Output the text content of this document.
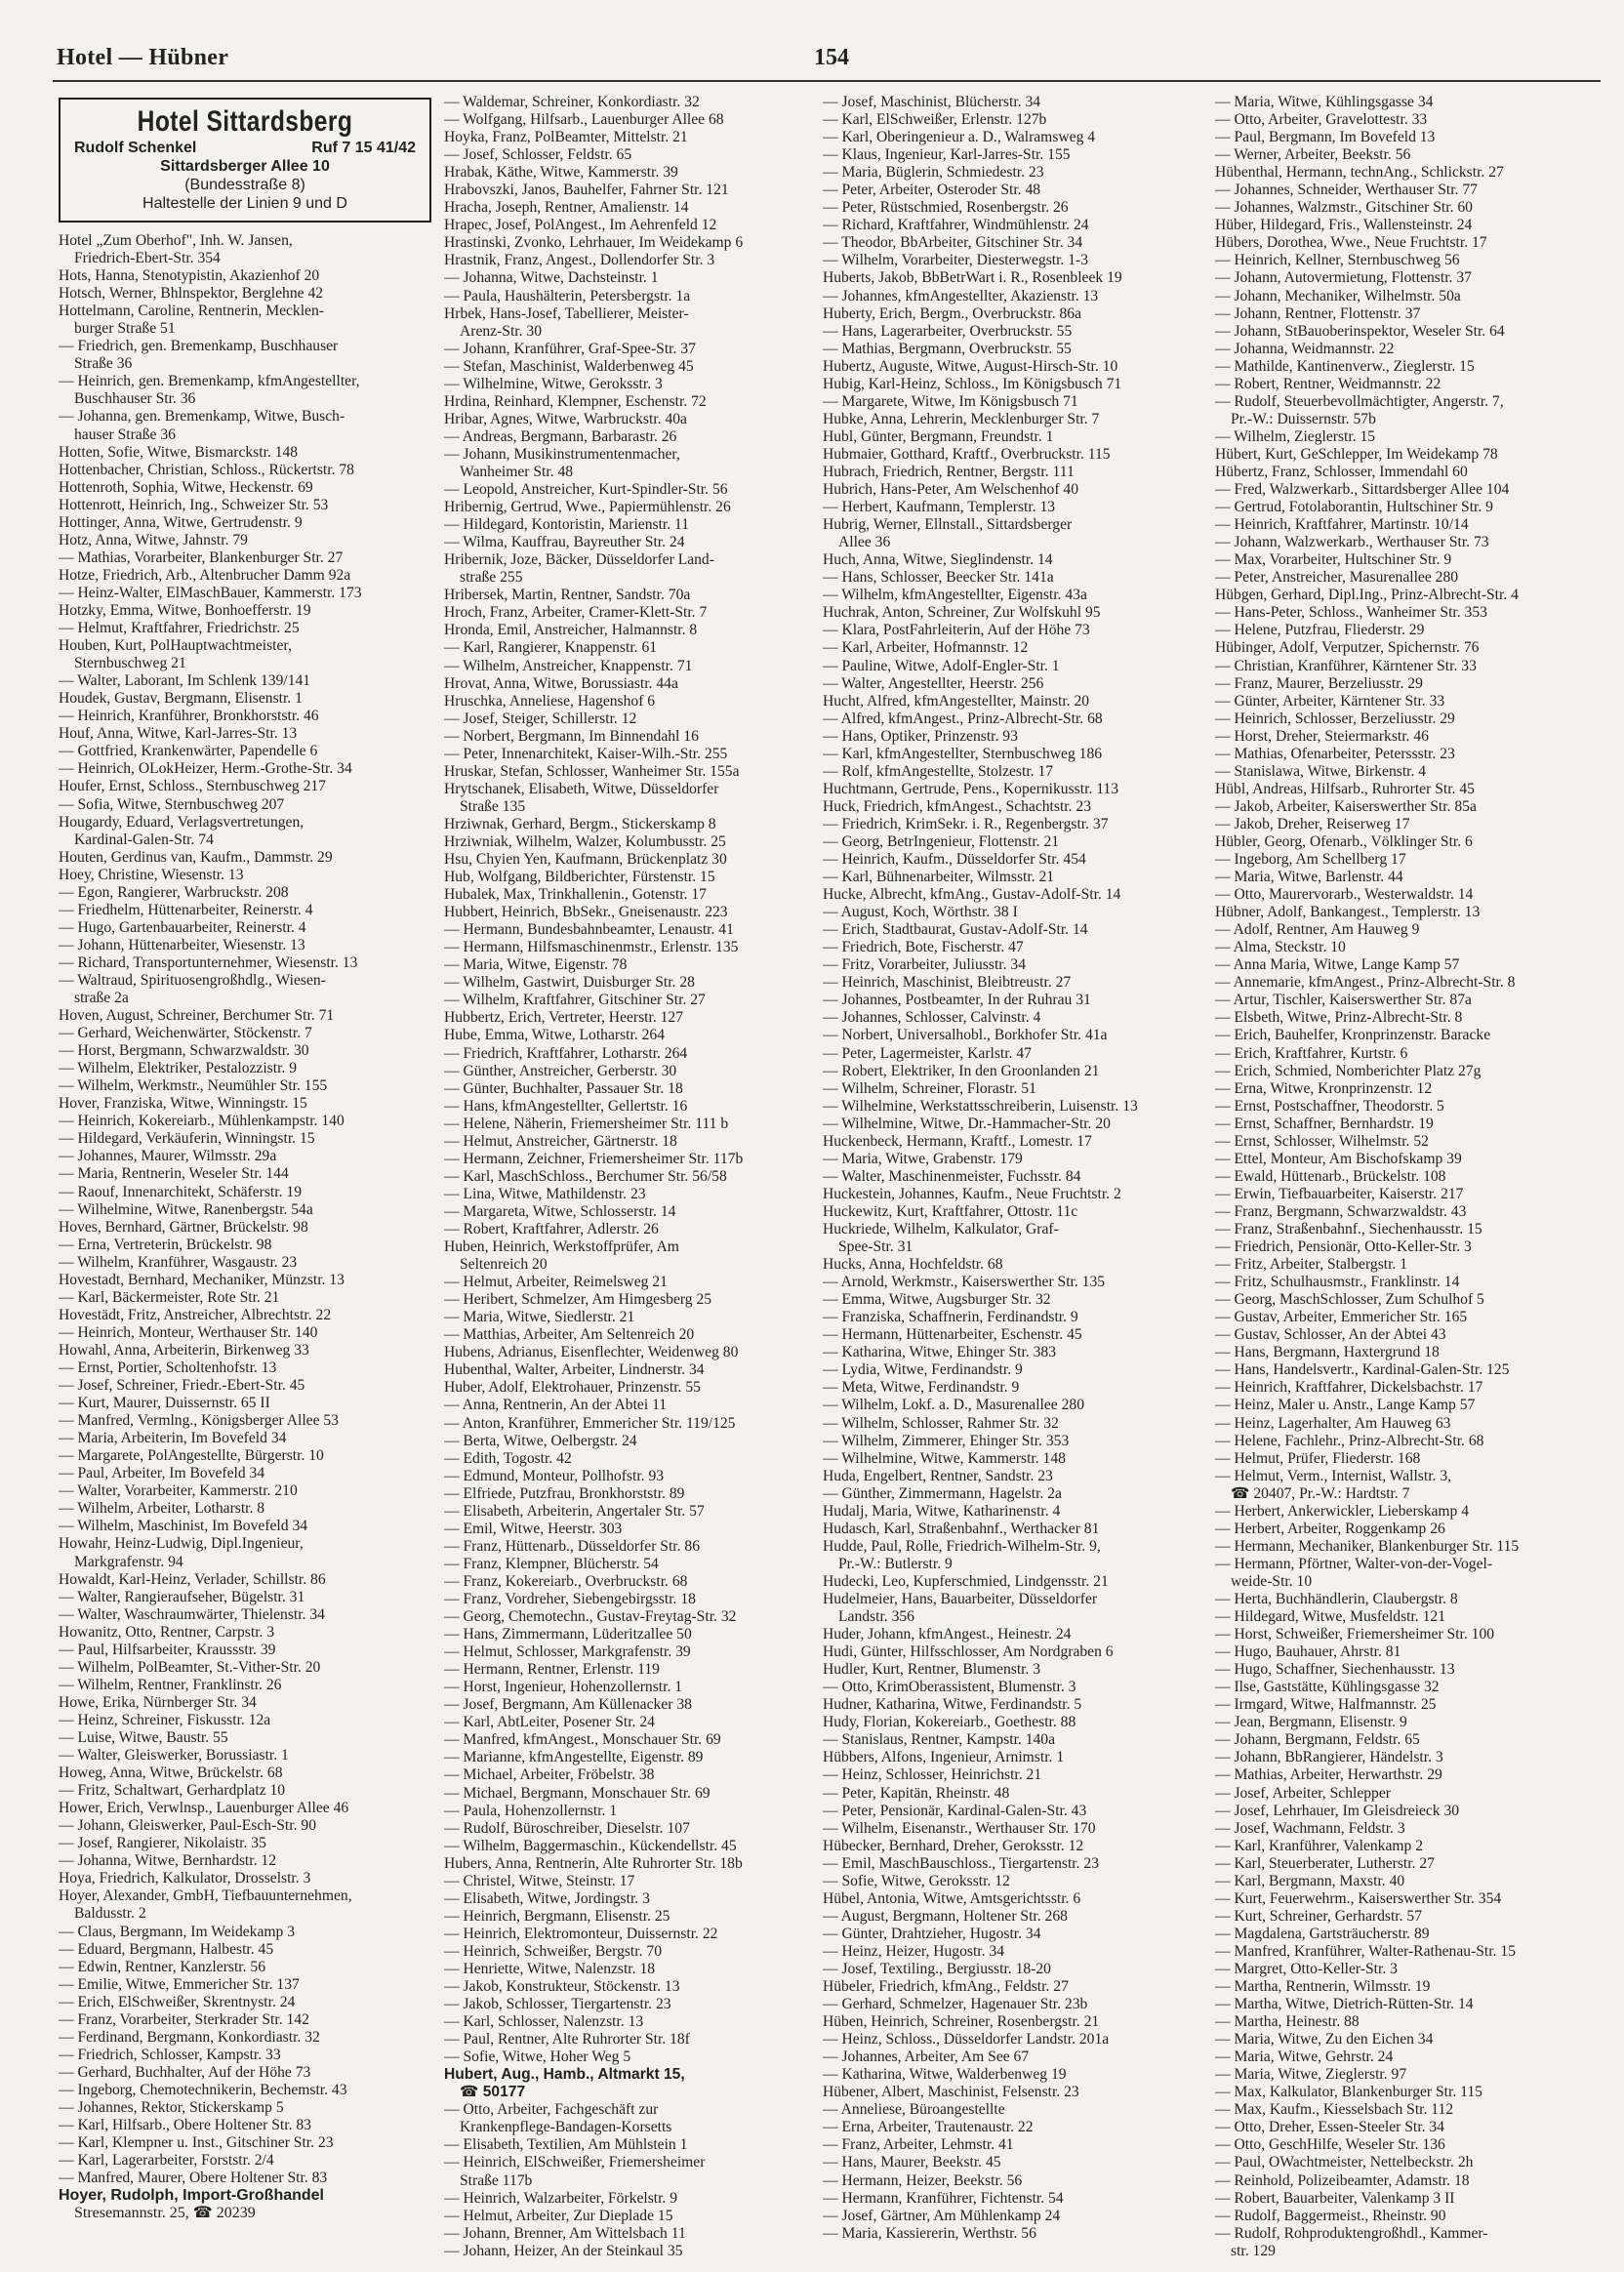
Hotel — Hübner	154
Hotel Sittardsberg
Rudolf Schenkel	Ruf 7 15 41/42
Sittardsberger Allee 10
(Bundesstraße 8)
Haltestelle der Linien 9 und D
Hotel „Zum Oberhof", Inh. W. Jansen,
Friedrich-Ebert-Str. 354
Hots, Hanna, Stenotypistin, Akazienhof 20
Hotsch, Werner, Bhlnspektor, Berglehne 42
Hottelmann, Caroline, Rentnerin, Mecklen-
burger Straße 51
— Friedrich, gen. Bremenkamp, Buschhauser
Straße 36
— Heinrich, gen. Bremenkamp, kfmAngestellter,
Buschhauser Str. 36
— Johanna, gen. Bremenkamp, Witwe, Busch-
hauser Straße 36
Hotten, Sofie, Witwe, Bismarckstr. 148
Hottenbacher, Christian, Schloss., Rückertstr. 78
Hottenroth, Sophia, Witwe, Heckenstr. 69
Hottenrott, Heinrich, Ing., Schweizer Str. 53
Hottinger, Anna, Witwe, Gertrudenstr. 9
Hotz, Anna, Witwe, Jahnstr. 79
— Mathias, Vorarbeiter, Blankenburger Str. 27
Hotze, Friedrich, Arb., Altenbrucher Damm 92a
— Heinz-Walter, ElMaschBauer, Kammerstr. 173
Hotzky, Emma, Witwe, Bonhoefferstr. 19
— Helmut, Kraftfahrer, Friedrichstr. 25
Houben, Kurt, PolHauptwachtmeister,
Sternbuschweg 21
— Walter, Laborant, Im Schlenk 139/141
Houdek, Gustav, Bergmann, Elisenstr. 1
— Heinrich, Kranführer, Bronkhorststr. 46
Houf, Anna, Witwe, Karl-Jarres-Str. 13
— Gottfried, Krankenwärter, Papendelle 6
— Heinrich, OLokHeizer, Herm.-Grothe-Str. 34
Houfer, Ernst, Schloss., Sternbuschweg 217
— Sofia, Witwe, Sternbuschweg 207
Hougardy, Eduard, Verlagsvertretungen,
Kardinal-Galen-Str. 74
Houten, Gerdinus van, Kaufm., Dammstr. 29
Hoey, Christine, Wiesenstr. 13
— Egon, Rangierer, Warbruckstr. 208
— Friedhelm, Hüttenarbeiter, Reinerstr. 4
— Hugo, Gartenbauarbeiter, Reinerstr. 4
— Johann, Hüttenarbeiter, Wiesenstr. 13
— Richard, Transportunternehmer, Wiesenstr. 13
— Waltraud, Spirituosengroßhdlg., Wiesen-
straße 2a
Hoven, August, Schreiner, Berchumer Str. 71
— Gerhard, Weichenwärter, Stöckenstr. 7
— Horst, Bergmann, Schwarzwaldstr. 30
— Wilhelm, Elektriker, Pestalozzistr. 9
— Wilhelm, Werkmstr., Neumühler Str. 155
Hover, Franziska, Witwe, Winningstr. 15
— Heinrich, Kokereiarb., Mühlenkampstr. 140
— Hildegard, Verkäuferin, Winningstr. 15
— Johannes, Maurer, Wilmsstr. 29a
— Maria, Rentnerin, Weseler Str. 144
— Raouf, Innenarchitekt, Schäferstr. 19
— Wilhelmine, Witwe, Ranenbergstr. 54a
Hoves, Bernhard, Gärtner, Brückelstr. 98
— Erna, Vertreterin, Brückelstr. 98
— Wilhelm, Kranführer, Wasgaustr. 23
Hovestadt, Bernhard, Mechaniker, Münzstr. 13
— Karl, Bäckermeister, Rote Str. 21
Hovestädt, Fritz, Anstreicher, Albrechtstr. 22
— Heinrich, Monteur, Werthauser Str. 140
Howahl, Anna, Arbeiterin, Birkenweg 33
— Ernst, Portier, Scholtenhofstr. 13
— Josef, Schreiner, Friedr.-Ebert-Str. 45
— Kurt, Maurer, Duissernstr. 65 II
— Manfred, Vermlng., Königsberger Allee 53
— Maria, Arbeiterin, Im Bovefeld 34
— Margarete, PolAngestellte, Bürgerstr. 10
— Paul, Arbeiter, Im Bovefeld 34
— Walter, Vorarbeiter, Kammerstr. 210
— Wilhelm, Arbeiter, Lotharstr. 8
— Wilhelm, Maschinist, Im Bovefeld 34
Howahr, Heinz-Ludwig, Dipl.Ingenieur,
Markgrafenstr. 94
Howaldt, Karl-Heinz, Verlader, Schillstr. 86
— Walter, Rangieraufseher, Bügelstr. 31
— Walter, Waschraumwärter, Thielenstr. 34
Howanitz, Otto, Rentner, Carpstr. 3
— Paul, Hilfsarbeiter, Kraussstr. 39
— Wilhelm, PolBeamter, St.-Vither-Str. 20
— Wilhelm, Rentner, Franklinstr. 26
Howe, Erika, Nürnberger Str. 34
— Heinz, Schreiner, Fiskusstr. 12a
— Luise, Witwe, Baustr. 55
— Walter, Gleiswerker, Borussiastr. 1
Howeg, Anna, Witwe, Brückelstr. 68
— Fritz, Schaltwart, Gerhardplatz 10
Hower, Erich, Verwlnsp., Lauenburger Allee 46
— Johann, Gleiswerker, Paul-Esch-Str. 90
— Josef, Rangierer, Nikolaistr. 35
— Johanna, Witwe, Bernhardstr. 12
Hoya, Friedrich, Kalkulator, Drosselstr. 3
Hoyer, Alexander, GmbH, Tiefbauunternehmen,
Baldusstr. 2
— Claus, Bergmann, Im Weidekamp 3
— Eduard, Bergmann, Halbestr. 45
— Edwin, Rentner, Kanzlerstr. 56
— Emilie, Witwe, Emmericher Str. 137
— Erich, ElSchweißer, Skrentnystr. 24
— Franz, Vorarbeiter, Sterkrader Str. 142
— Ferdinand, Bergmann, Konkordiastr. 32
— Friedrich, Schlosser, Kampstr. 33
— Gerhard, Buchhalter, Auf der Höhe 73
— Ingeborg, Chemotechnikerin, Bechemstr. 43
— Johannes, Rektor, Stickerskamp 5
— Karl, Hilfsarb., Obere Holtener Str. 83
— Karl, Klempner u. Inst., Gitschiner Str. 23
— Karl, Lagerarbeiter, Forststr. 2/4
— Manfred, Maurer, Obere Holtener Str. 83
Hoyer, Rudolph, Import-Großhandel
Stresemannstr. 25, ☎ 20239
— Waldemar, Schreiner, Konkordiastr. 32
— Wolfgang, Hilfsarb., Lauenburger Allee 68
Hoyka, Franz, PolBeamter, Mittelstr. 21
— Josef, Schlosser, Feldstr. 65
Hrabak, Käthe, Witwe, Kammerstr. 39
Hrabovszki, Janos, Bauhelfer, Fahrner Str. 121
Hracha, Joseph, Rentner, Amalienstr. 14
Hrapec, Josef, PolAngest., Im Aehrenfeld 12
Hrastinski, Zvonko, Lehrhauer, Im Weidekamp 6
Hrastnik, Franz, Angest., Dollendorfer Str. 3
— Johanna, Witwe, Dachsteinstr. 1
— Paula, Haushälterin, Petersbergstr. 1a
Hrbek, Hans-Josef, Tabellierer, Meister-
Arenz-Str. 30
— Johann, Kranführer, Graf-Spee-Str. 37
— Stefan, Maschinist, Walderbenweg 45
— Wilhelmine, Witwe, Geroksstr. 3
Hrdina, Reinhard, Klempner, Eschenstr. 72
Hribar, Agnes, Witwe, Warbruckstr. 40a
— Andreas, Bergmann, Barbarastr. 26
— Johann, Musikinstrumentenmacher,
Wanheimer Str. 48
— Leopold, Anstreicher, Kurt-Spindler-Str. 56
Hribernig, Gertrud, Wwe., Papiermühlenstr. 26
— Hildegard, Kontoristin, Marienstr. 11
— Wilma, Kauffrau, Bayreuther Str. 24
Hribernik, Joze, Bäcker, Düsseldorfer Land-
straße 255
Hribersek, Martin, Rentner, Sandstr. 70a
Hroch, Franz, Arbeiter, Cramer-Klett-Str. 7
Hronda, Emil, Anstreicher, Halmannstr. 8
— Karl, Rangierer, Knappenstr. 61
— Wilhelm, Anstreicher, Knappenstr. 71
Hrovat, Anna, Witwe, Borussiastr. 44a
Hruschka, Anneliese, Hagenshof 6
— Josef, Steiger, Schillerstr. 12
— Norbert, Bergmann, Im Binnendahl 16
— Peter, Innenarchitekt, Kaiser-Wilh.-Str. 255
Hruskar, Stefan, Schlosser, Wanheimer Str. 155a
Hrytschanek, Elisabeth, Witwe, Düsseldorfer
Straße 135
Hrziwnak, Gerhard, Bergm., Stickerskamp 8
Hrziwniak, Wilhelm, Walzer, Kolumbusstr. 25
Hsu, Chyien Yen, Kaufmann, Brückenplatz 30
Hub, Wolfgang, Bildberichter, Fürstenstr. 15
Hubalek, Max, Trinkhallenin., Gotenstr. 17
Hubbert, Heinrich, BbSekr., Gneisenaustr. 223
— Hermann, Bundesbahnbeamter, Lenaustr. 41
— Hermann, Hilfsmaschinenmstr., Erlenstr. 135
— Maria, Witwe, Eigenstr. 78
— Wilhelm, Gastwirt, Duisburger Str. 28
— Wilhelm, Kraftfahrer, Gitschiner Str. 27
Hubbertz, Erich, Vertreter, Heerstr. 127
Hube, Emma, Witwe, Lotharstr. 264
— Friedrich, Kraftfahrer, Lotharstr. 264
— Günther, Anstreicher, Gerberstr. 30
— Günter, Buchhalter, Passauer Str. 18
— Hans, kfmAngestellter, Gellertstr. 16
— Helene, Näherin, Friemersheimer Str. 111 b
— Helmut, Anstreicher, Gärtnerstr. 18
— Hermann, Zeichner, Friemersheimer Str. 117b
— Karl, MaschSchloss., Berchumer Str. 56/58
— Lina, Witwe, Mathildenstr. 23
— Margareta, Witwe, Schlosserstr. 14
— Robert, Kraftfahrer, Adlerstr. 26
Huben, Heinrich, Werkstoffprüfer, Am
Seltenreich 20
— Helmut, Arbeiter, Reimelsweg 21
— Heribert, Schmelzer, Am Himgesberg 25
— Maria, Witwe, Siedlerstr. 21
— Matthias, Arbeiter, Am Seltenreich 20
Hubens, Adrianus, Eisenflechter, Weidenweg 80
Hubenthal, Walter, Arbeiter, Lindnerstr. 34
Huber, Adolf, Elektrohauer, Prinzenstr. 55
— Anna, Rentnerin, An der Abtei 11
— Anton, Kranführer, Emmericher Str. 119/125
— Berta, Witwe, Oelbergstr. 24
— Edith, Togostr. 42
— Edmund, Monteur, Pollhofstr. 93
— Elfriede, Putzfrau, Bronkhorststr. 89
— Elisabeth, Arbeiterin, Angertaler Str. 57
— Emil, Witwe, Heerstr. 303
— Franz, Hüttenarb., Düsseldorfer Str. 86
— Franz, Klempner, Blücherstr. 54
— Franz, Kokereiarb., Overbruckstr. 68
— Franz, Vordreher, Siebengebirgsstr. 18
— Georg, Chemotechn., Gustav-Freytag-Str. 32
— Hans, Zimmermann, Lüderitzallee 50
— Helmut, Schlosser, Markgrafenstr. 39
— Hermann, Rentner, Erlenstr. 119
— Horst, Ingenieur, Hohenzollernstr. 1
— Josef, Bergmann, Am Küllenacker 38
— Karl, AbtLeiter, Posener Str. 24
— Manfred, kfmAngest., Monschauer Str. 69
— Marianne, kfmAngestellte, Eigenstr. 89
— Michael, Arbeiter, Fröbelstr. 38
— Michael, Bergmann, Monschauer Str. 69
— Paula, Hohenzollernstr. 1
— Rudolf, Büroschreiber, Dieselstr. 107
— Wilhelm, Baggermaschin., Kückendellstr. 45
Hubers, Anna, Rentnerin, Alte Ruhrorter Str. 18b
— Christel, Witwe, Steinstr. 17
— Elisabeth, Witwe, Jordingstr. 3
— Heinrich, Bergmann, Elisenstr. 25
— Heinrich, Elektromonteur, Duissernstr. 22
— Heinrich, Schweißer, Bergstr. 70
— Henriette, Witwe, Nalenzstr. 18
— Jakob, Konstrukteur, Stöckenstr. 13
— Jakob, Schlosser, Tiergartenstr. 23
— Karl, Schlosser, Nalenzstr. 13
— Paul, Rentner, Alte Ruhrorter Str. 18f
— Sofie, Witwe, Hoher Weg 5
Hubert, Aug., Hamb., Altmarkt 15,
☎ 50177
— Otto, Arbeiter, Fachgeschäft zur
Krankenpflege-Bandagen-Korsetts
— Elisabeth, Textilien, Am Mühlstein 1
— Heinrich, ElSchweißer, Friemersheimer
Straße 117b
— Heinrich, Walzarbeiter, Förkelstr. 9
— Helmut, Arbeiter, Zur Dieplade 15
— Johann, Brenner, Am Wittelsbach 11
— Johann, Heizer, An der Steinkaul 35
— Josef, Maschinist, Blücherstr. 34
— Karl, ElSchweißer, Erlenstr. 127b
— Karl, Oberingenieur a. D., Walramsweg 4
— Klaus, Ingenieur, Karl-Jarres-Str. 155
— Maria, Büglerin, Schmiedestr. 23
— Peter, Arbeiter, Osteroder Str. 48
— Peter, Rüstschmied, Rosenbergstr. 26
— Richard, Kraftfahrer, Windmühlenstr. 24
— Theodor, BbArbeiter, Gitschiner Str. 34
— Wilhelm, Vorarbeiter, Diesterwegstr. 1-3
Huberts, Jakob, BbBetrWart i. R., Rosenbleek 19
— Johannes, kfmAngestellter, Akazienstr. 13
Huberty, Erich, Bergm., Overbruckstr. 86a
— Hans, Lagerarbeiter, Overbruckstr. 55
— Mathias, Bergmann, Overbruckstr. 55
Hubertz, Auguste, Witwe, August-Hirsch-Str. 10
Hubig, Karl-Heinz, Schloss., Im Königsbusch 71
— Margarete, Witwe, Im Königsbusch 71
Hubke, Anna, Lehrerin, Mecklenburger Str. 7
Hubl, Günter, Bergmann, Freundstr. 1
Hubmaier, Gotthard, Kraftf., Overbruckstr. 115
Hubrach, Friedrich, Rentner, Bergstr. 111
Hubrich, Hans-Peter, Am Welschenhof 40
— Herbert, Kaufmann, Templerstr. 13
Hubrig, Werner, Ellnstall., Sittardsberger
Allee 36
Huch, Anna, Witwe, Sieglindenstr. 14
— Hans, Schlosser, Beecker Str. 141a
— Wilhelm, kfmAngestellter, Eigenstr. 43a
Huchrak, Anton, Schreiner, Zur Wolfskuhl 95
— Klara, PostFahrleiterin, Auf der Höhe 73
— Karl, Arbeiter, Hofmannstr. 12
— Pauline, Witwe, Adolf-Engler-Str. 1
— Walter, Angestellter, Heerstr. 256
Hucht, Alfred, kfmAngestellter, Mainstr. 20
— Alfred, kfmAngest., Prinz-Albrecht-Str. 68
— Hans, Optiker, Prinzenstr. 93
— Karl, kfmAngestellter, Sternbuschweg 186
— Rolf, kfmAngestellte, Stolzestr. 17
Huchtmann, Gertrude, Pens., Kopernikusstr. 113
Huck, Friedrich, kfmAngest., Schachtstr. 23
— Friedrich, KrimSekr. i. R., Regenbergstr. 37
— Georg, BetrIngenieur, Flottenstr. 21
— Heinrich, Kaufm., Düsseldorfer Str. 454
— Karl, Bühnenarbeiter, Wilmsstr. 21
Hucke, Albrecht, kfmAng., Gustav-Adolf-Str. 14
— August, Koch, Wörthstr. 38 I
— Erich, Stadtbaurat, Gustav-Adolf-Str. 14
— Friedrich, Bote, Fischerstr. 47
— Fritz, Vorarbeiter, Juliusstr. 34
— Heinrich, Maschinist, Bleibtreustr. 27
— Johannes, Postbeamter, In der Ruhrau 31
— Johannes, Schlosser, Calvinstr. 4
— Norbert, Universalhobl., Borkhofer Str. 41a
— Peter, Lagermeister, Karlstr. 47
— Robert, Elektriker, In den Groonlanden 21
— Wilhelm, Schreiner, Florastr. 51
— Wilhelmine, Werkstattsschreiberin, Luisenstr. 13
— Wilhelmine, Witwe, Dr.-Hammacher-Str. 20
Huckenbeck, Hermann, Kraftf., Lomestr. 17
— Maria, Witwe, Grabenstr. 179
— Walter, Maschinenmeister, Fuchsstr. 84
Huckestein, Johannes, Kaufm., Neue Fruchtstr. 2
Huckewitz, Kurt, Kraftfahrer, Ottostr. 11c
Huckriede, Wilhelm, Kalkulator, Graf-
Spee-Str. 31
Hucks, Anna, Hochfeldstr. 68
— Arnold, Werkmstr., Kaiserswerther Str. 135
— Emma, Witwe, Augsburger Str. 32
— Franziska, Schaffnerin, Ferdinandstr. 9
— Hermann, Hüttenarbeiter, Eschenstr. 45
— Katharina, Witwe, Ehinger Str. 383
— Lydia, Witwe, Ferdinandstr. 9
— Meta, Witwe, Ferdinandstr. 9
— Wilhelm, Lokf. a. D., Masurenallee 280
— Wilhelm, Schlosser, Rahmer Str. 32
— Wilhelm, Zimmerer, Ehinger Str. 353
— Wilhelmine, Witwe, Kammerstr. 148
Huda, Engelbert, Rentner, Sandstr. 23
— Günther, Zimmermann, Hagelstr. 2a
Hudalj, Maria, Witwe, Katharinenstr. 4
Hudasch, Karl, Straßenbahnf., Werthacker 81
Hudde, Paul, Rolle, Friedrich-Wilhelm-Str. 9,
Pr.-W.: Butlerstr. 9
Hudecki, Leo, Kupferschmied, Lindgensstr. 21
Hudelmeier, Hans, Bauarbeiter, Düsseldorfer
Landstr. 356
Huder, Johann, kfmAngest., Heinestr. 24
Hudi, Günter, Hilfsschlosser, Am Nordgraben 6
Hudler, Kurt, Rentner, Blumenstr. 3
— Otto, KrimOberassistent, Blumenstr. 3
Hudner, Katharina, Witwe, Ferdinandstr. 5
Hudy, Florian, Kokereiarb., Goethestr. 88
— Stanislaus, Rentner, Kampstr. 140a
Hübbers, Alfons, Ingenieur, Arnimstr. 1
— Heinz, Schlosser, Heinrichstr. 21
— Peter, Kapitän, Rheinstr. 48
— Peter, Pensionär, Kardinal-Galen-Str. 43
— Wilhelm, Eisenanstr., Werthauser Str. 170
Hübecker, Bernhard, Dreher, Geroksstr. 12
— Emil, MaschBauschloss., Tiergartenstr. 23
— Sofie, Witwe, Geroksstr. 12
Hübel, Antonia, Witwe, Amtsgerichtsstr. 6
— August, Bergmann, Holtener Str. 268
— Günter, Drahtzieher, Hugostr. 34
— Heinz, Heizer, Hugostr. 34
— Josef, Textiling., Bergiusstr. 18-20
Hübeler, Friedrich, kfmAng., Feldstr. 27
— Gerhard, Schmelzer, Hagenauer Str. 23b
Hüben, Heinrich, Schreiner, Rosenbergstr. 21
— Heinz, Schloss., Düsseldorfer Landstr. 201a
— Johannes, Arbeiter, Am See 67
— Katharina, Witwe, Walderbenweg 19
Hübener, Albert, Maschinist, Felsenstr. 23
— Anneliese, Büroangestellte
— Erna, Arbeiter, Trautenaustr. 22
— Franz, Arbeiter, Lehmstr. 41
— Hans, Maurer, Beekstr. 45
— Hermann, Heizer, Beekstr. 56
— Hermann, Kranführer, Fichtenstr. 54
— Josef, Gärtner, Am Mühlenkamp 24
— Maria, Kassiererin, Werthstr. 56
— Maria, Witwe, Kühlingsgasse 34
— Otto, Arbeiter, Gravelottestr. 33
— Paul, Bergmann, Im Bovefeld 13
— Werner, Arbeiter, Beekstr. 56
Hübenthal, Hermann, technAng., Schlickstr. 27
— Johannes, Schneider, Werthauser Str. 77
— Johannes, Walzmstr., Gitschiner Str. 60
Hüber, Hildegard, Fris., Wallensteinstr. 24
Hübers, Dorothea, Wwe., Neue Fruchtstr. 17
— Heinrich, Kellner, Sternbuschweg 56
— Johann, Autovermietung, Flottenstr. 37
— Johann, Mechaniker, Wilhelmstr. 50a
— Johann, Rentner, Flottenstr. 37
— Johann, StBauoberinspektor, Weseler Str. 64
— Johanna, Weidmannstr. 22
— Mathilde, Kantinenverw., Zieglerstr. 15
— Robert, Rentner, Weidmannstr. 22
— Rudolf, Steuerbevollmächtigter, Angerstr. 7,
Pr.-W.: Duissernstr. 57b
— Wilhelm, Zieglerstr. 15
Hübert, Kurt, GeSchlepper, Im Weidekamp 78
Hübertz, Franz, Schlosser, Immendahl 60
— Fred, Walzwerkarb., Sittardsberger Allee 104
— Gertrud, Fotolaborantin, Hultschiner Str. 9
— Heinrich, Kraftfahrer, Martinstr. 10/14
— Johann, Walzwerkarb., Werthauser Str. 73
— Max, Vorarbeiter, Hultschiner Str. 9
— Peter, Anstreicher, Masurenallee 280
Hübgen, Gerhard, Dipl.Ing., Prinz-Albrecht-Str. 4
— Hans-Peter, Schloss., Wanheimer Str. 353
— Helene, Putzfrau, Fliederstr. 29
Hübinger, Adolf, Verputzer, Spichernstr. 76
— Christian, Kranführer, Kärntener Str. 33
— Franz, Maurer, Berzeliusstr. 29
— Günter, Arbeiter, Kärntener Str. 33
— Heinrich, Schlosser, Berzeliusstr. 29
— Horst, Dreher, Steiermarkstr. 46
— Mathias, Ofenarbeiter, Peterssstr. 23
— Stanislawa, Witwe, Birkenstr. 4
Hübl, Andreas, Hilfsarb., Ruhrorter Str. 45
— Jakob, Arbeiter, Kaiserswerther Str. 85a
— Jakob, Dreher, Reiserweg 17
Hübler, Georg, Ofenarb., Völklinger Str. 6
— Ingeborg, Am Schellberg 17
— Maria, Witwe, Barlenstr. 44
— Otto, Maurervorarb., Westerwaldstr. 14
Hübner, Adolf, Bankangest., Templerstr. 13
— Adolf, Rentner, Am Hauweg 9
— Alma, Steckstr. 10
— Anna Maria, Witwe, Lange Kamp 57
— Annemarie, kfmAngest., Prinz-Albrecht-Str. 8
— Artur, Tischler, Kaiserswerther Str. 87a
— Elsbeth, Witwe, Prinz-Albrecht-Str. 8
— Erich, Bauhelfer, Kronprinzenstr. Baracke
— Erich, Kraftfahrer, Kurtstr. 6
— Erich, Schmied, Nomberichter Platz 27g
— Erna, Witwe, Kronprinzenstr. 12
— Ernst, Postschaffner, Theodorstr. 5
— Ernst, Schaffner, Bernhardstr. 19
— Ernst, Schlosser, Wilhelmstr. 52
— Ettel, Monteur, Am Bischofskamp 39
— Ewald, Hüttenarb., Brückelstr. 108
— Erwin, Tiefbauarbeiter, Kaiserstr. 217
— Franz, Bergmann, Schwarzwaldstr. 43
— Franz, Straßenbahnf., Siechenhausstr. 15
— Friedrich, Pensionär, Otto-Keller-Str. 3
— Fritz, Arbeiter, Stalbergstr. 1
— Fritz, Schulhausmstr., Franklinstr. 14
— Georg, MaschSchlosser, Zum Schulhof 5
— Gustav, Arbeiter, Emmericher Str. 165
— Gustav, Schlosser, An der Abtei 43
— Hans, Bergmann, Haxtergrund 18
— Hans, Handelsvertr., Kardinal-Galen-Str. 125
— Heinrich, Kraftfahrer, Dickelsbachstr. 17
— Heinz, Maler u. Anstr., Lange Kamp 57
— Heinz, Lagerhalter, Am Hauweg 63
— Helene, Fachlehr., Prinz-Albrecht-Str. 68
— Helmut, Prüfer, Fliederstr. 168
— Helmut, Verm., Internist, Wallstr. 3,
☎ 20407, Pr.-W.: Hardtstr. 7
— Herbert, Ankerwickler, Lieberskamp 4
— Herbert, Arbeiter, Roggenkamp 26
— Hermann, Mechaniker, Blankenburger Str. 115
— Hermann, Pförtner, Walter-von-der-Vogel-
weide-Str. 10
— Herta, Buchhändlerin, Claubergstr. 8
— Hildegard, Witwe, Musfeldstr. 121
— Horst, Schweißer, Friemersheimer Str. 100
— Hugo, Bauhauer, Ahrstr. 81
— Hugo, Schaffner, Siechenhausstr. 13
— Ilse, Gaststätte, Kühlingsgasse 32
— Irmgard, Witwe, Halfmannstr. 25
— Jean, Bergmann, Elisenstr. 9
— Johann, Bergmann, Feldstr. 65
— Johann, BbRangierer, Händelstr. 3
— Mathias, Arbeiter, Herwarthstr. 29
— Josef, Arbeiter, Schlepper
— Josef, Lehrhauer, Im Gleisdreieck 30
— Josef, Wachmann, Feldstr. 3
— Karl, Kranführer, Valenkamp 2
— Karl, Steuerberater, Lutherstr. 27
— Karl, Bergmann, Maxstr. 40
— Kurt, Feuerwehrm., Kaiserswerther Str. 354
— Kurt, Schreiner, Gerhardstr. 57
— Magdalena, Gartsträucherstr. 89
— Manfred, Kranführer, Walter-Rathenau-Str. 15
— Margret, Otto-Keller-Str. 3
— Martha, Rentnerin, Wilmsstr. 19
— Martha, Witwe, Dietrich-Rütten-Str. 14
— Martha, Heinestr. 88
— Maria, Witwe, Zu den Eichen 34
— Maria, Witwe, Gehrstr. 24
— Maria, Witwe, Zieglerstr. 97
— Max, Kalkulator, Blankenburger Str. 115
— Max, Kaufm., Kiesselsbach Str. 112
— Otto, Dreher, Essen-Steeler Str. 34
— Otto, GeschHilfe, Weseler Str. 136
— Paul, OWachtmeister, Nettelbeckstr. 2h
— Reinhold, Polizeibeamter, Adamstr. 18
— Robert, Bauarbeiter, Valenkamp 3 II
— Rudolf, Baggermeist., Rheinstr. 90
— Rudolf, Rohproduktengroßhdl., Kammer-
str. 129
